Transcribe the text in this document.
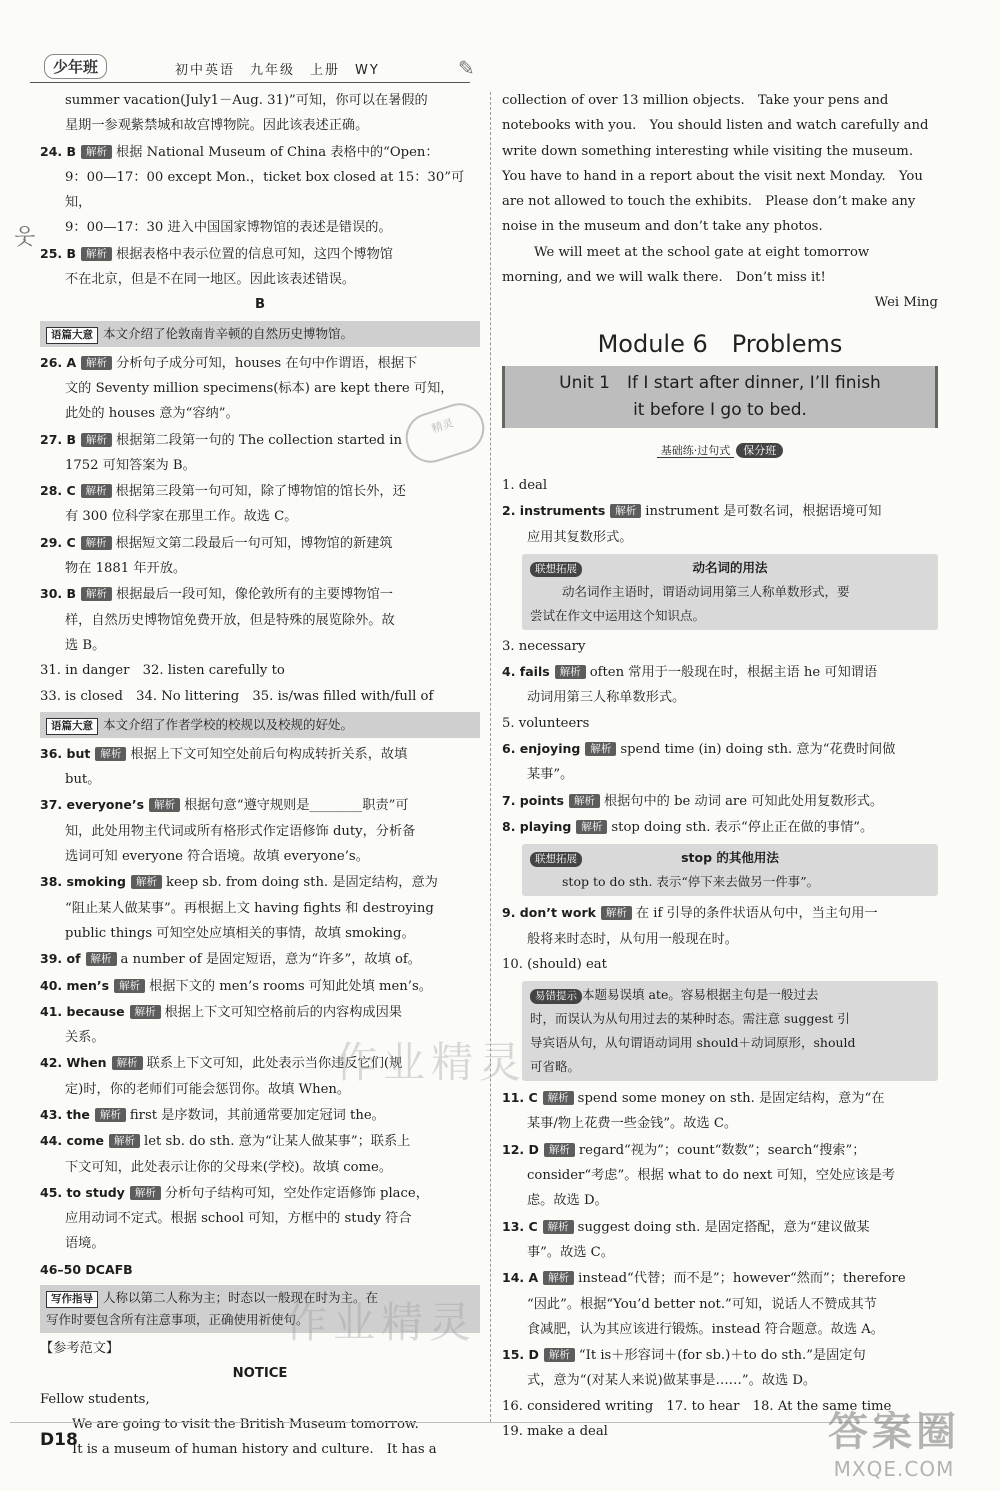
少年班	初中英语　九年级　上册　WY	✎
웃

summer vacation(July1－Aug. 31)”可知，你可以在暑假的

星期一参观紫禁城和故宫博物院。因此该表述正确。

24. B 解析 根据 National Museum of China 表格中的“Open：

9：00—17：00 except Mon.，ticket box closed at 15：30”可知，

9：00—17：30 进入中国国家博物馆的表述是错误的。

25. B 解析 根据表格中表示位置的信息可知，这四个博物馆

不在北京，但是不在同一地区。因此该表述错误。

B

语篇大意 本文介绍了伦敦南肯辛顿的自然历史博物馆。

26. A 解析 分析句子成分可知，houses 在句中作谓语，根据下

文的 Seventy million specimens(标本) are kept there 可知，

此处的 houses 意为“容纳”。

27. B 解析 根据第二段第一句的 The collection started in

1752 可知答案为 B。

28. C 解析 根据第三段第一句可知，除了博物馆的馆长外，还

有 300 位科学家在那里工作。故选 C。

29. C 解析 根据短文第二段最后一句可知，博物馆的新建筑

物在 1881 年开放。

30. B 解析 根据最后一段可知，像伦敦所有的主要博物馆一

样，自然历史博物馆免费开放，但是特殊的展览除外。故

选 B。

31. in danger　32. listen carefully to

33. is closed　34. No littering　35. is/was filled with/full of

语篇大意 本文介绍了作者学校的校规以及校规的好处。

36. but 解析 根据上下文可知空处前后句构成转折关系，故填

but。

37. everyone’s 解析 根据句意“遵守规则是________职责”可

知，此处用物主代词或所有格形式作定语修饰 duty，分析备

选词可知 everyone 符合语境。故填 everyone’s。

38. smoking 解析 keep sb. from doing sth. 是固定结构，意为

“阻止某人做某事”。再根据上文 having fights 和 destroying

public things 可知空处应填相关的事情，故填 smoking。

39. of 解析 a number of 是固定短语，意为“许多”，故填 of。

40. men’s 解析 根据下文的 men’s rooms 可知此处填 men’s。

41. because 解析 根据上下文可知空格前后的内容构成因果

关系。

42. When 解析 联系上下文可知，此处表示当你违反它们(规

定)时，你的老师们可能会惩罚你。故填 When。

43. the 解析 first 是序数词，其前通常要加定冠词 the。

44. come 解析 let sb. do sth. 意为“让某人做某事”；联系上

下文可知，此处表示让你的父母来(学校)。故填 come。

45. to study 解析 分析句子结构可知，空处作定语修饰 place，

应用动词不定式。根据 school 可知，方框中的 study 符合

语境。

46–50 DCAFB

写作指导 人称以第二人称为主；时态以一般现在时为主。在
写作时要包含所有注意事项，正确使用祈使句。

【参考范文】

NOTICE

Fellow students,

We are going to visit the British Museum tomorrow.

It is a museum of human history and culture.　It has a

collection of over 13 million objects.　Take your pens and

notebooks with you.　You should listen and watch carefully and

write down something interesting while visiting the museum.

You have to hand in a report about the visit next Monday.　You

are not allowed to touch the exhibits.　Please don’t make any

noise in the museum and don’t take any photos.

We will meet at the school gate at eight tomorrow

morning, and we will walk there.　Don’t miss it!

Wei Ming

Module 6　Problems
Unit 1　If I start after dinner, I’ll finish
it before I go to bed.
基础练·过句式 保分班

1. deal

2. instruments 解析 instrument 是可数名词，根据语境可知

应用其复数形式。

联想拓展	动名词的用法
动名词作主语时，谓语动词用第三人称单数形式，要
尝试在作文中运用这个知识点。

3. necessary

4. fails 解析 often 常用于一般现在时，根据主语 he 可知谓语

动词用第三人称单数形式。

5. volunteers

6. enjoying 解析 spend time (in) doing sth. 意为“花费时间做

某事”。

7. points 解析 根据句中的 be 动词 are 可知此处用复数形式。

8. playing 解析 stop doing sth. 表示“停止正在做的事情”。

联想拓展	stop 的其他用法
stop to do sth. 表示“停下来去做另一件事”。

9. don’t work 解析 在 if 引导的条件状语从句中，当主句用一

般将来时态时，从句用一般现在时。

10. (should) eat

易错提示 本题易误填 ate。容易根据主句是一般过去
时，而误认为从句用过去的某种时态。需注意 suggest 引
导宾语从句，从句谓语动词用 should＋动词原形，should
可省略。

11. C 解析 spend some money on sth. 是固定结构，意为“在

某事/物上花费一些金钱”。故选 C。

12. D 解析 regard“视为”；count“数数”；search“搜索”；

consider“考虑”。根据 what to do next 可知，空处应该是考

虑。故选 D。

13. C 解析 suggest doing sth. 是固定搭配，意为“建议做某

事”。故选 C。

14. A 解析 instead“代替；而不是”；however“然而”；therefore

“因此”。根据“You’d better not.”可知，说话人不赞成其节

食减肥，认为其应该进行锻炼。instead 符合题意。故选 A。

15. D 解析 “It is＋形容词＋(for sb.)＋to do sth.”是固定句

式，意为“(对某人来说)做某事是……”。故选 D。

16. considered writing　17. to hear　18. At the same time

19. make a deal

精灵
作业精灵
作业精灵
D18	答案圈
MXQE.COM
